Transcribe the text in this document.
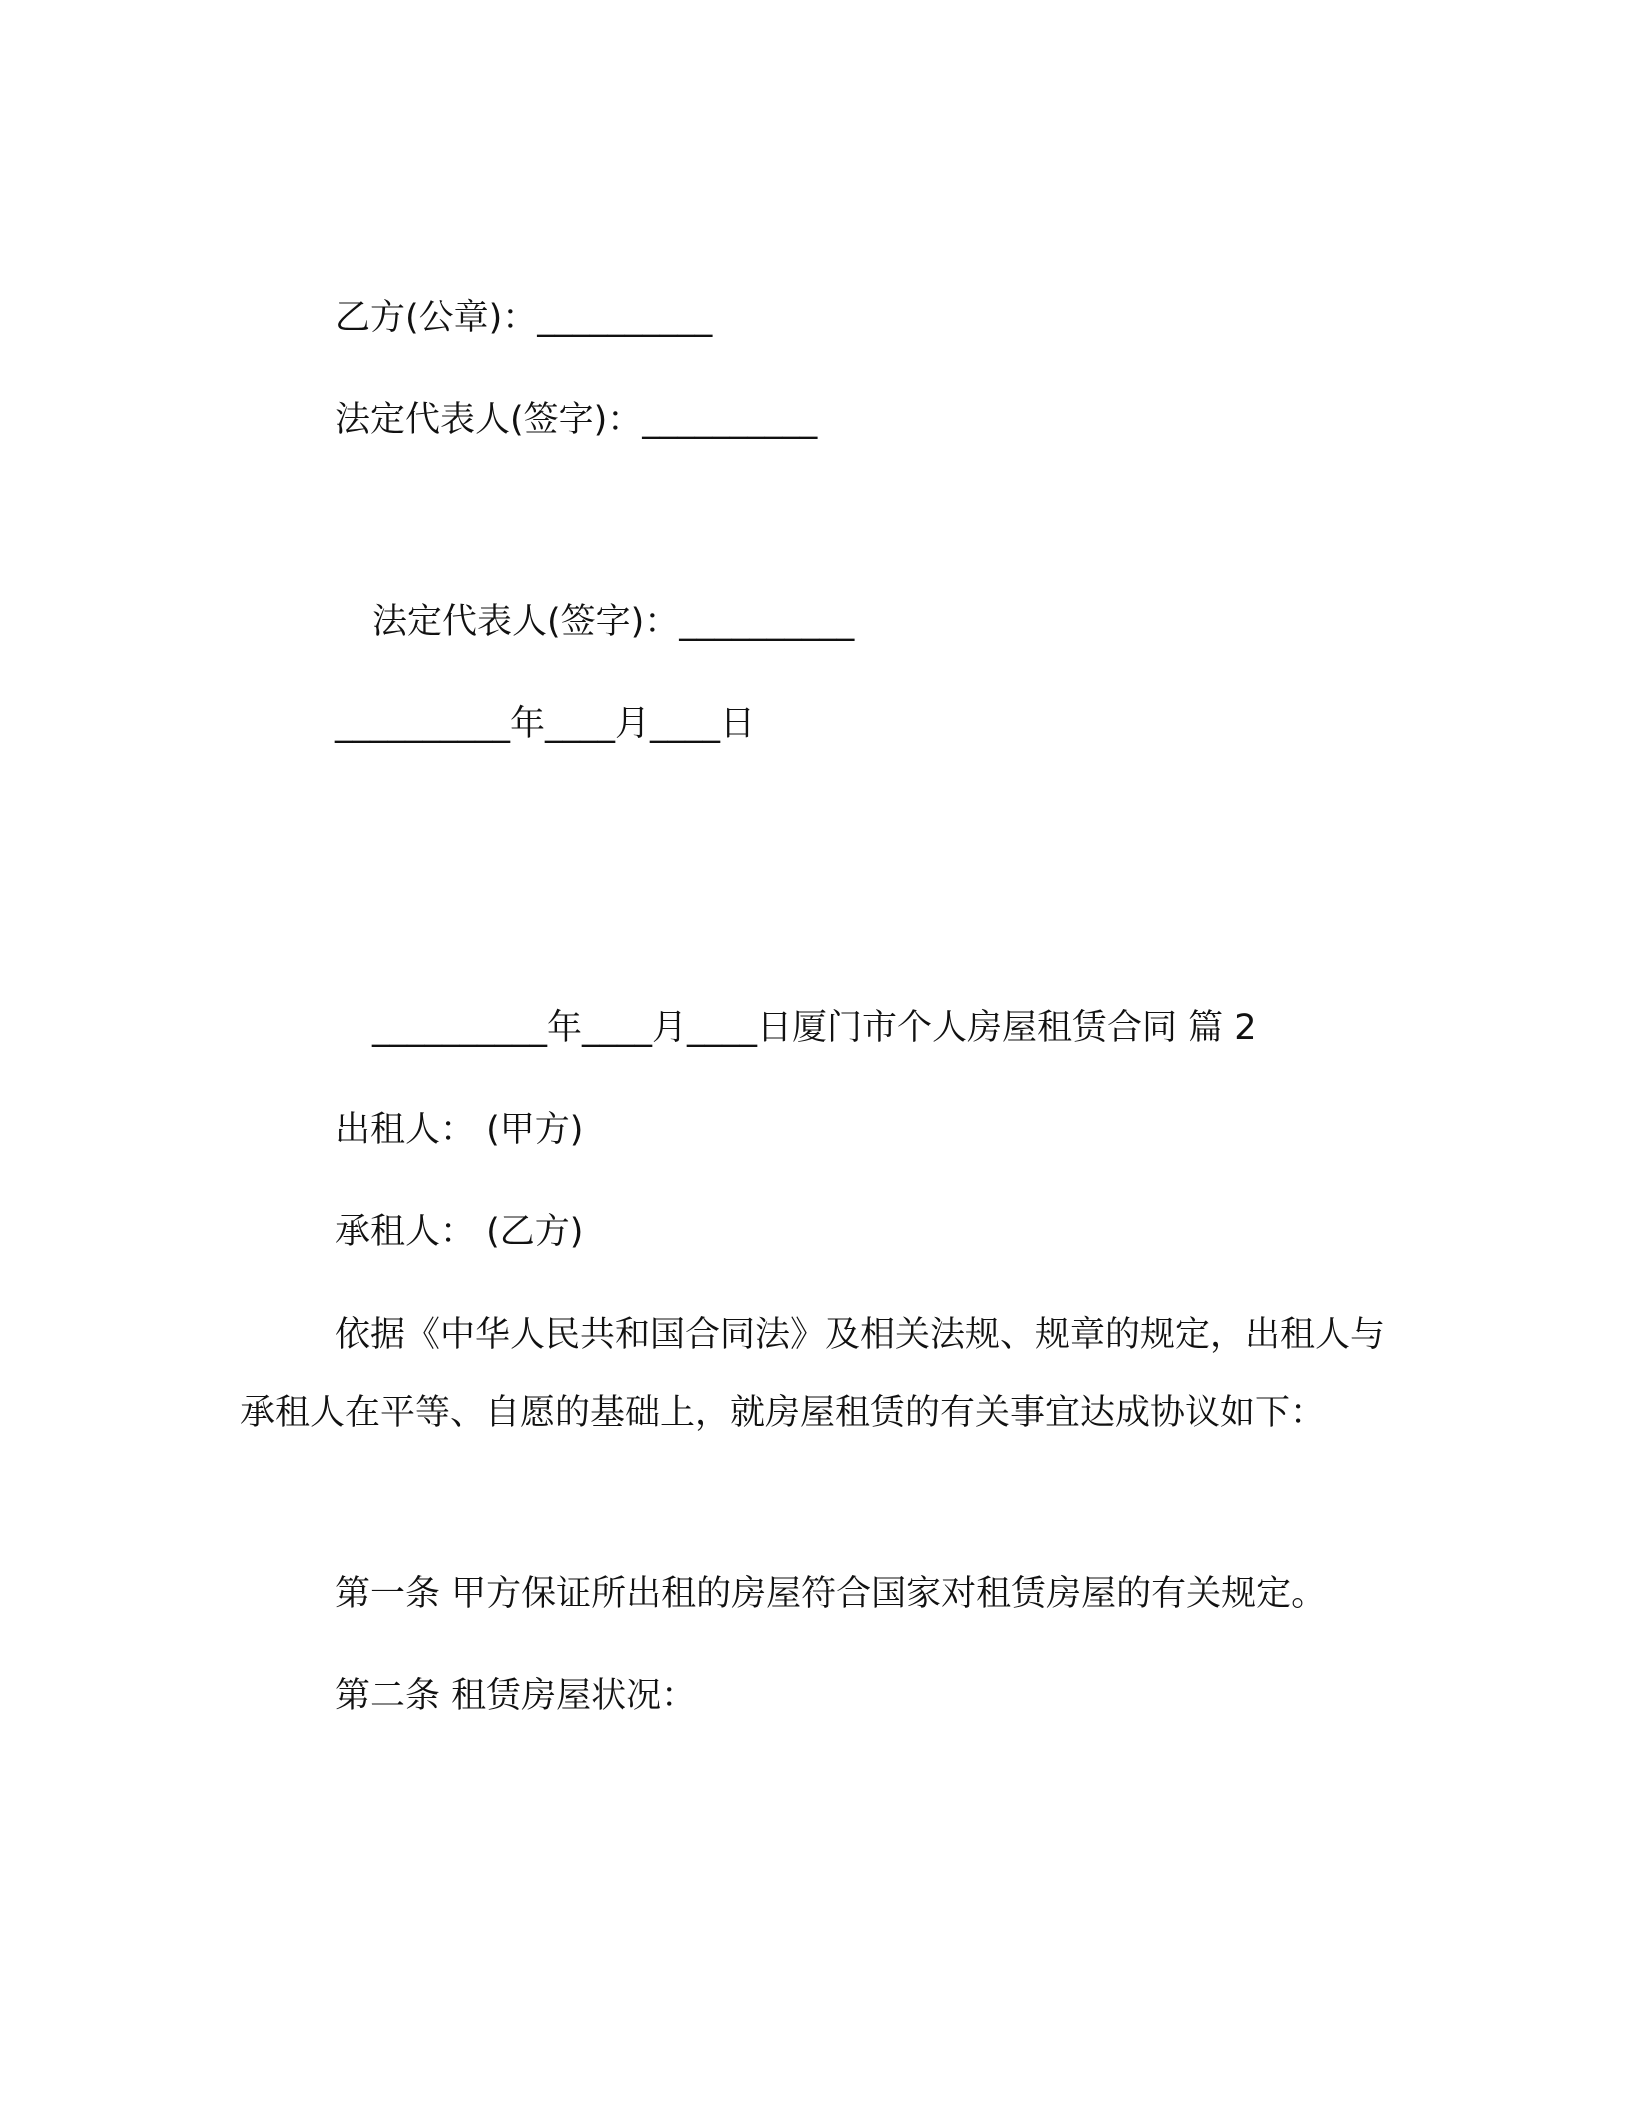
乙方(公章)：__________
法定代表人(签字)：__________
法定代表人(签字)：__________
__________年____月____日
__________年____月____日厦门市个人房屋租赁合同 篇 2
出租人： (甲方)
承租人： (乙方)
依据《中华人民共和国合同法》及相关法规、规章的规定，出租人与承租人在平等、自愿的基础上，就房屋租赁的有关事宜达成协议如下：
第一条 甲方保证所出租的房屋符合国家对租赁房屋的有关规定。
第二条 租赁房屋状况：
